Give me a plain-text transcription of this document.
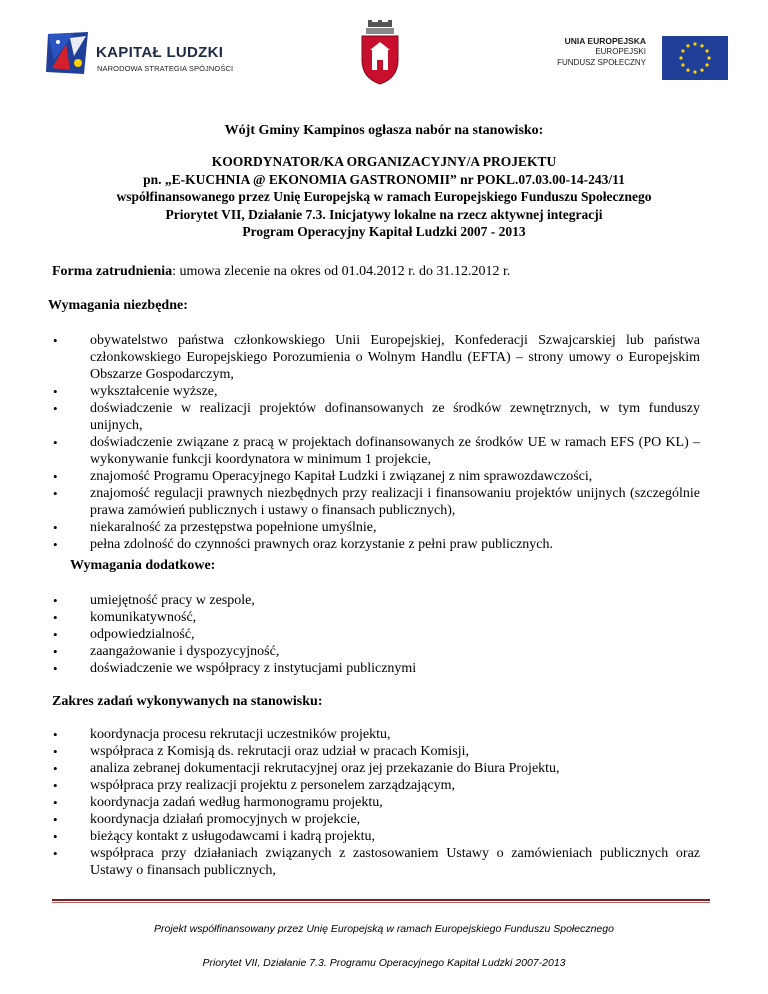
KAPITAŁ LUDZKI
NARODOWA STRATEGIA SPÓJNOŚCI
UNIA EUROPEJSKA
EUROPEJSKI
FUNDUSZ SPOŁECZNY
Wójt Gminy Kampinos ogłasza nabór na stanowisko:
KOORDYNATOR/KA ORGANIZACYJNY/A PROJEKTU
pn. „E-KUCHNIA @ EKONOMIA GASTRONOMII” nr POKL.07.03.00-14-243/11
współfinansowanego przez Unię Europejską w ramach Europejskiego Funduszu Społecznego
Priorytet VII, Działanie 7.3. Inicjatywy lokalne na rzecz aktywnej integracji
Program Operacyjny Kapitał Ludzki 2007 - 2013
Forma zatrudnienia: umowa zlecenie na okres od 01.04.2012 r. do 31.12.2012 r.
Wymagania niezbędne:
• obywatelstwo państwa członkowskiego Unii Europejskiej, Konfederacji Szwajcarskiej lub państwa członkowskiego Europejskiego Porozumienia o Wolnym Handlu (EFTA) – strony umowy o Europejskim Obszarze Gospodarczym,
• wykształcenie wyższe,
• doświadczenie w realizacji projektów dofinansowanych ze środków zewnętrznych, w tym funduszy unijnych,
• doświadczenie związane z pracą w projektach dofinansowanych ze środków UE w ramach EFS (PO KL) – wykonywanie funkcji koordynatora w minimum 1 projekcie,
• znajomość Programu Operacyjnego Kapitał Ludzki i związanej z nim sprawozdawczości,
• znajomość regulacji prawnych niezbędnych przy realizacji i finansowaniu projektów unijnych (szczególnie prawa zamówień publicznych i ustawy o finansach publicznych),
• niekaralność za przestępstwa popełnione umyślnie,
• pełna zdolność do czynności prawnych oraz korzystanie z pełni praw publicznych.
Wymagania dodatkowe:
• umiejętność pracy w zespole,
• komunikatywność,
• odpowiedzialność,
• zaangażowanie i dyspozycyjność,
• doświadczenie we współpracy z instytucjami publicznymi
Zakres zadań wykonywanych na stanowisku:
• koordynacja procesu rekrutacji uczestników projektu,
• współpraca z Komisją ds. rekrutacji oraz udział w pracach Komisji,
• analiza zebranej dokumentacji rekrutacyjnej oraz jej przekazanie do Biura Projektu,
• współpraca przy realizacji projektu z personelem zarządzającym,
• koordynacja zadań według harmonogramu projektu,
• koordynacja działań promocyjnych w projekcie,
• bieżący kontakt z usługodawcami i kadrą projektu,
• współpraca przy działaniach związanych z zastosowaniem Ustawy o zamówieniach publicznych oraz Ustawy o finansach publicznych,
Projekt współfinansowany przez Unię Europejską w ramach Europejskiego Funduszu Społecznego
Priorytet VII, Działanie 7.3. Programu Operacyjnego Kapitał Ludzki 2007-2013
